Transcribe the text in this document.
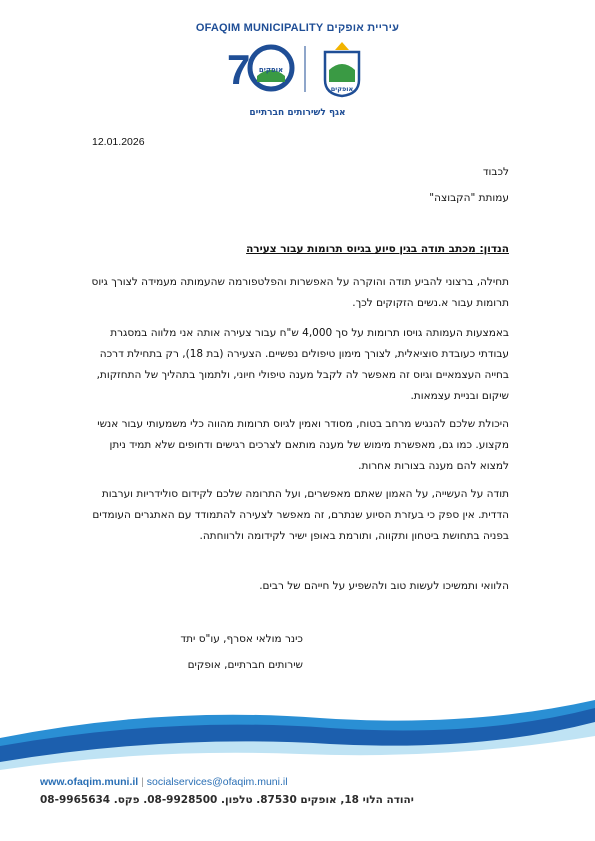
OFAQIM MUNICIPALITY עיריית אופקים
7 אופקים
אופקים
אגף לשירותים חברתיים
12.01.2026
לכבוד
עמותת "הקבוצה"
הנדון: מכתב תודה בגין סיוע בגיוס תרומות עבור צעירה
תחילה, ברצוני להביע תודה והוקרה על האפשרות והפלטפורמה שהעמותה מעמידה לצורך גיוס תרומות עבור א.נשים הזקוקים לכך.
באמצעות העמותה גויסו תרומות על סך 4,000 ש"ח עבור צעירה אותה אני מלווה במסגרת עבודתי כעובדת סוציאלית, לצורך מימון טיפולים נפשיים. הצעירה (בת 18), רק בתחילת דרכה בחייה העצמאיים וגיוס זה מאפשר לה לקבל מענה טיפולי חיוני, ולתמוך בתהליך של התחזקות, שיקום ובניית עצמאות.
היכולת שלכם להנגיש מרחב בטוח, מסודר ואמין לגיוס תרומות מהווה כלי משמעותי עבור אנשי מקצוע. כמו גם, מאפשרת מימוש של מענה מותאם לצרכים רגישים ודחופים שלא תמיד ניתן למצוא להם מענה בצורות אחרות.
תודה על העשייה, על האמון שאתם מאפשרים, ועל התרומה שלכם לקידום סולידריות וערבות הדדית. אין ספק כי בעזרת הסיוע שנתרם, זה מאפשר לצעירה להתמודד עם האתגרים העומדים בפניה בתחושת ביטחון ותקווה, ותורמת באופן ישיר לקידומה ולרווחתה.
הלוואי ותמשיכו לעשות טוב ולהשפיע על חייהם של רבים.
כינר מולאי אסרף, עו"ס יתד
שירותים חברתיים, אופקים
www.ofaqim.muni.il | socialservices@ofaqim.muni.il
יהודה הלוי 18, אופקים 87530. טלפון. 08-9928500. פקס. 08-9965634
